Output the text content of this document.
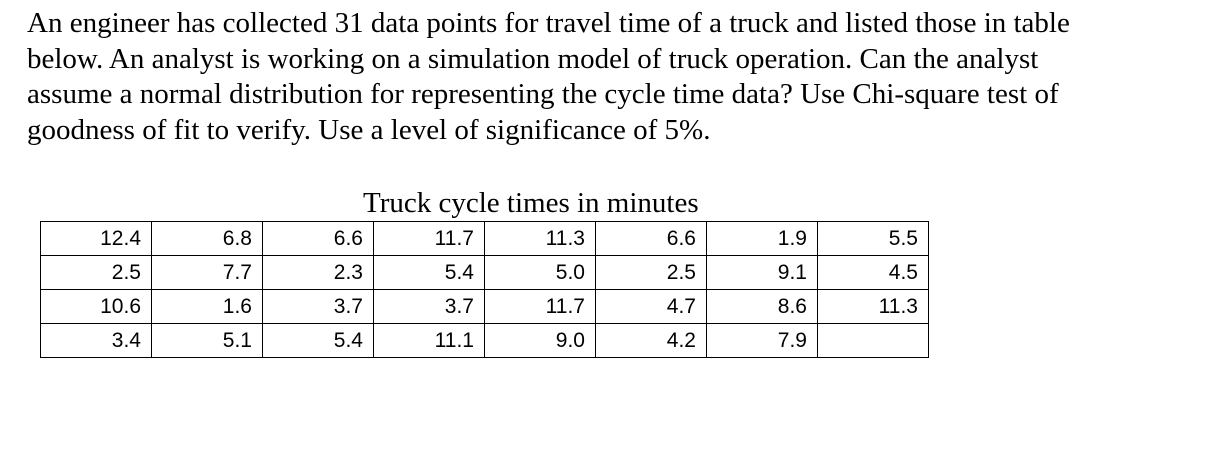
An engineer has collected 31 data points for travel time of a truck and listed those in table
below. An analyst is working on a simulation model of truck operation. Can the analyst
assume a normal distribution for representing the cycle time data? Use Chi-square test of
goodness of fit to verify. Use a level of significance of 5%.
Truck cycle times in minutes
12.4	6.8	6.6	11.7	11.3	6.6	1.9	5.5
2.5	7.7	2.3	5.4	5.0	2.5	9.1	4.5
10.6	1.6	3.7	3.7	11.7	4.7	8.6	11.3
3.4	5.1	5.4	11.1	9.0	4.2	7.9	
